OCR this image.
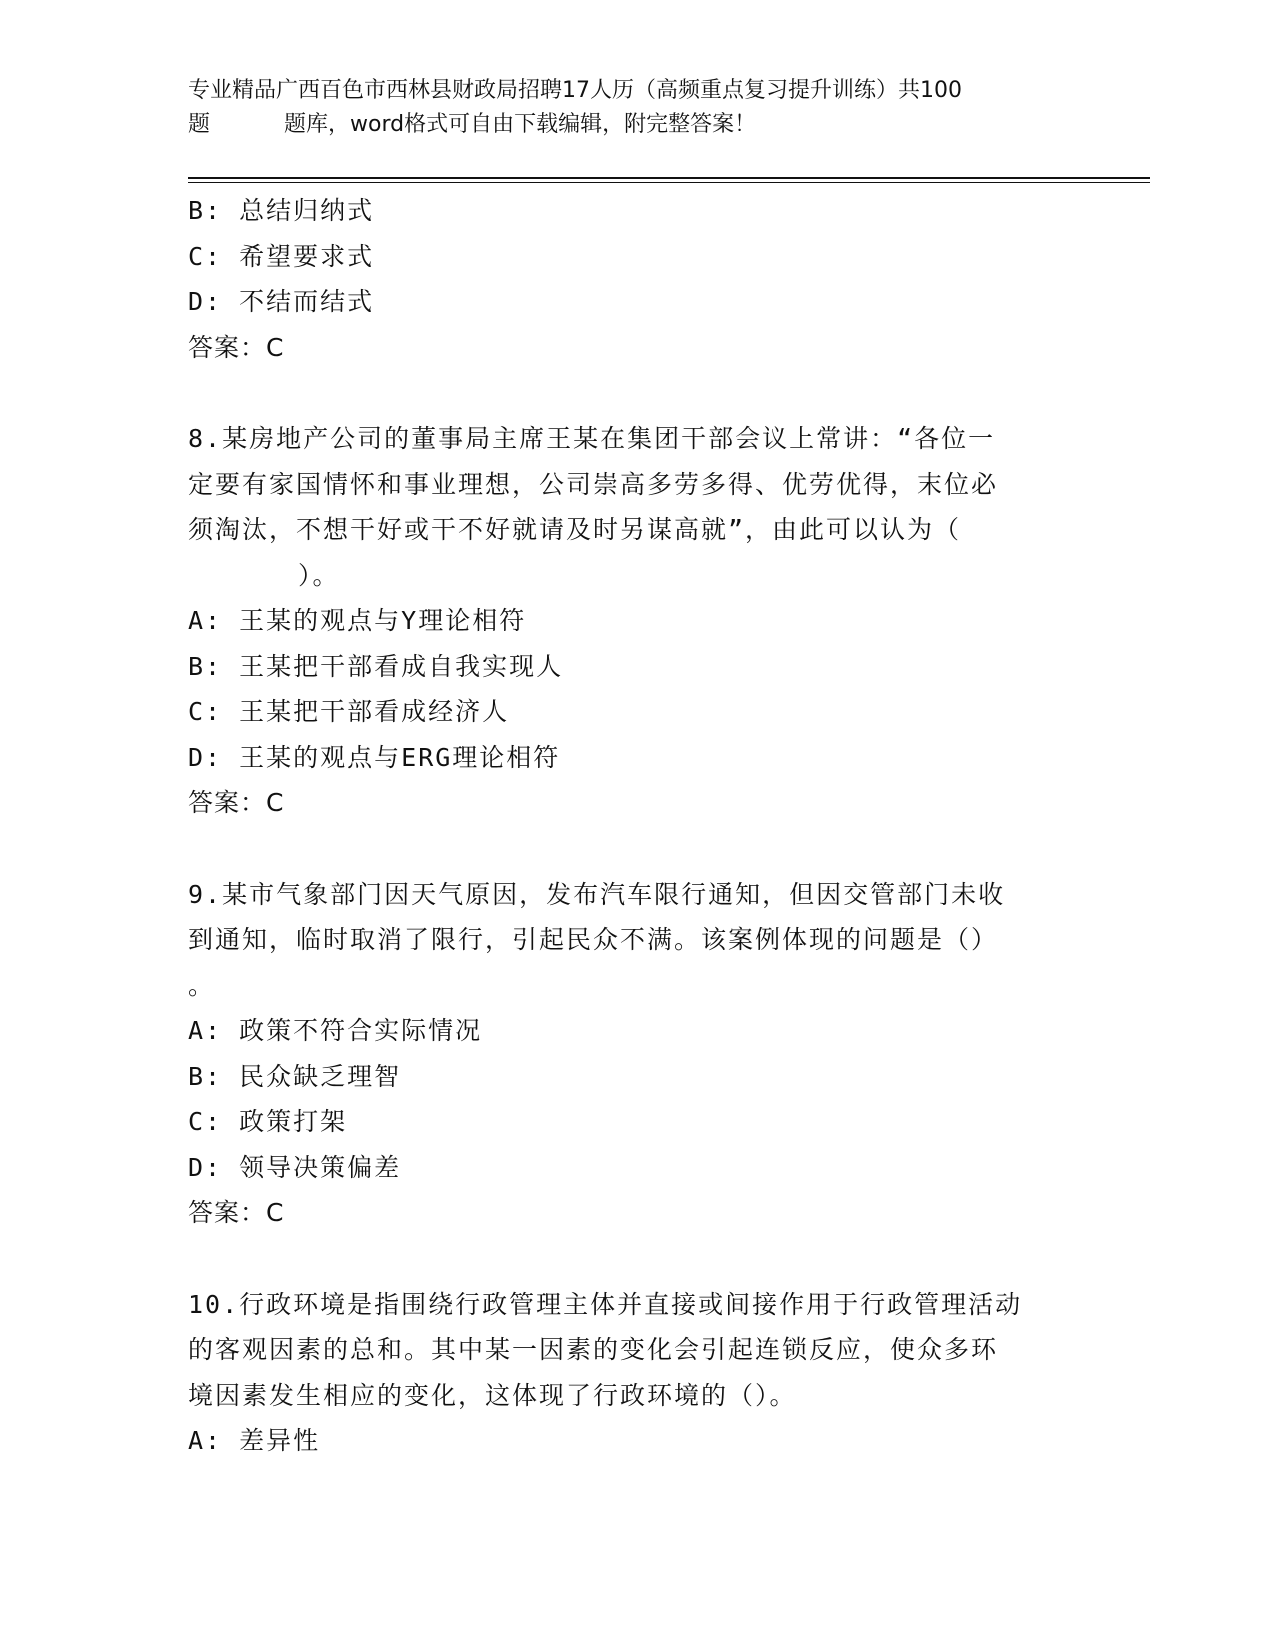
专业精品广西百色市西林县财政局招聘17人历（高频重点复习提升训练）共100
题	题库，word格式可自由下载编辑，附完整答案！
B: 总结归纳式
C: 希望要求式
D: 不结而结式
答案：C
8.某房地产公司的董事局主席王某在集团干部会议上常讲：“各位一
定要有家国情怀和事业理想，公司崇高多劳多得、优劳优得，末位必
须淘汰，不想干好或干不好就请及时另谋高就”，由此可以认为（
）。
A: 王某的观点与Y理论相符
B: 王某把干部看成自我实现人
C: 王某把干部看成经济人
D: 王某的观点与ERG理论相符
答案：C
9.某市气象部门因天气原因，发布汽车限行通知，但因交管部门未收
到通知，临时取消了限行，引起民众不满。该案例体现的问题是（）
。
A: 政策不符合实际情况
B: 民众缺乏理智
C: 政策打架
D: 领导决策偏差
答案：C
10.行政环境是指围绕行政管理主体并直接或间接作用于行政管理活动
的客观因素的总和。其中某一因素的变化会引起连锁反应，使众多环
境因素发生相应的变化，这体现了行政环境的（）。
A: 差异性
